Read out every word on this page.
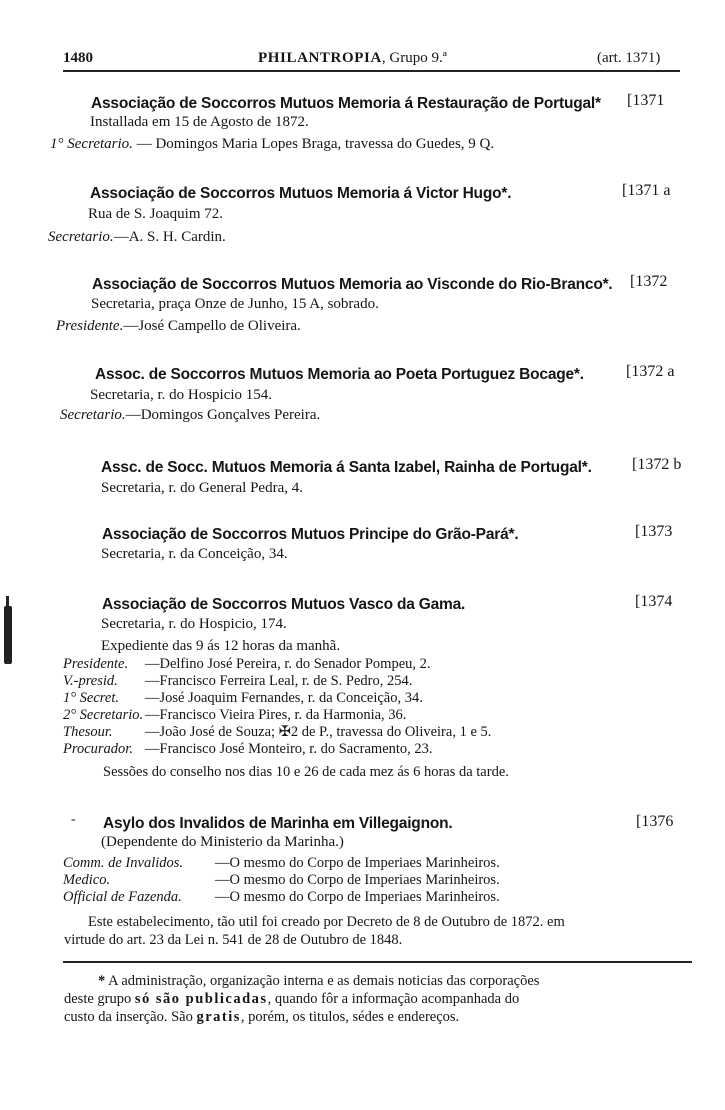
1480	PHILANTROPIA, Grupo 9.ª	(art. 1371)
Associação de Soccorros Mutuos Memoria á Restauração de Portugal* [1371
Installada em 15 de Agosto de 1872.
1° Secretario. — Domingos Maria Lopes Braga, travessa do Guedes, 9 Q.
Associação de Soccorros Mutuos Memoria á Victor Hugo*.	[1371 a
Rua de S. Joaquim 72.
Secretario.—A. S. H. Cardin.
Associação de Soccorros Mutuos Memoria ao Visconde do Rio-Branco*. [1372
Secretaria, praça Onze de Junho, 15 A, sobrado.
Presidente.—José Campello de Oliveira.
Assoc. de Soccorros Mutuos Memoria ao Poeta Portuguez Bocage*.	[1372 a
Secretaria, r. do Hospicio 154.
Secretario.—Domingos Gonçalves Pereira.
Assc. de Socc. Mutuos Memoria á Santa Izabel, Rainha de Portugal*.	[1372 b
Secretaria, r. do General Pedra, 4.
Associação de Soccorros Mutuos Principe do Grão-Pará*.	[1373
Secretaria, r. da Conceição, 34.
Associação de Soccorros Mutuos Vasco da Gama.	[1374
Secretaria, r. do Hospicio, 174.
Expediente das 9 ás 12 horas da manhã.
Presidente. —Delfino José Pereira, r. do Senador Pompeu, 2.
V.-presid. —Francisco Ferreira Leal, r. de S. Pedro, 254.
1° Secret. —José Joaquim Fernandes, r. da Conceição, 34.
2° Secretario. —Francisco Vieira Pires, r. da Harmonia, 36.
Thesour. —João José de Souza; ✠2 de P., travessa do Oliveira, 1 e 5.
Procurador. —Francisco José Monteiro, r. do Sacramento, 23.
Sessões do conselho nos dias 10 e 26 de cada mez ás 6 horas da tarde.
- Asylo dos Invalidos de Marinha em Villegaignon.	[1376
(Dependente do Ministerio da Marinha.)
Comm. de Invalidos. —O mesmo do Corpo de Imperiaes Marinheiros.
Medico.	—O mesmo do Corpo de Imperiaes Marinheiros.
Official de Fazenda. —O mesmo do Corpo de Imperiaes Marinheiros.
Este estabelecimento, tão util foi creado por Decreto de 8 de Outubro de 1872. em
virtude do art. 23 da Lei n. 541 de 28 de Outubro de 1848.
* A administração, organização interna e as demais noticias das corporações
deste grupo só são publicadas, quando fôr a informação acompanhada do
custo da inserção. São gratis, porém, os titulos, sédes e endereços.
